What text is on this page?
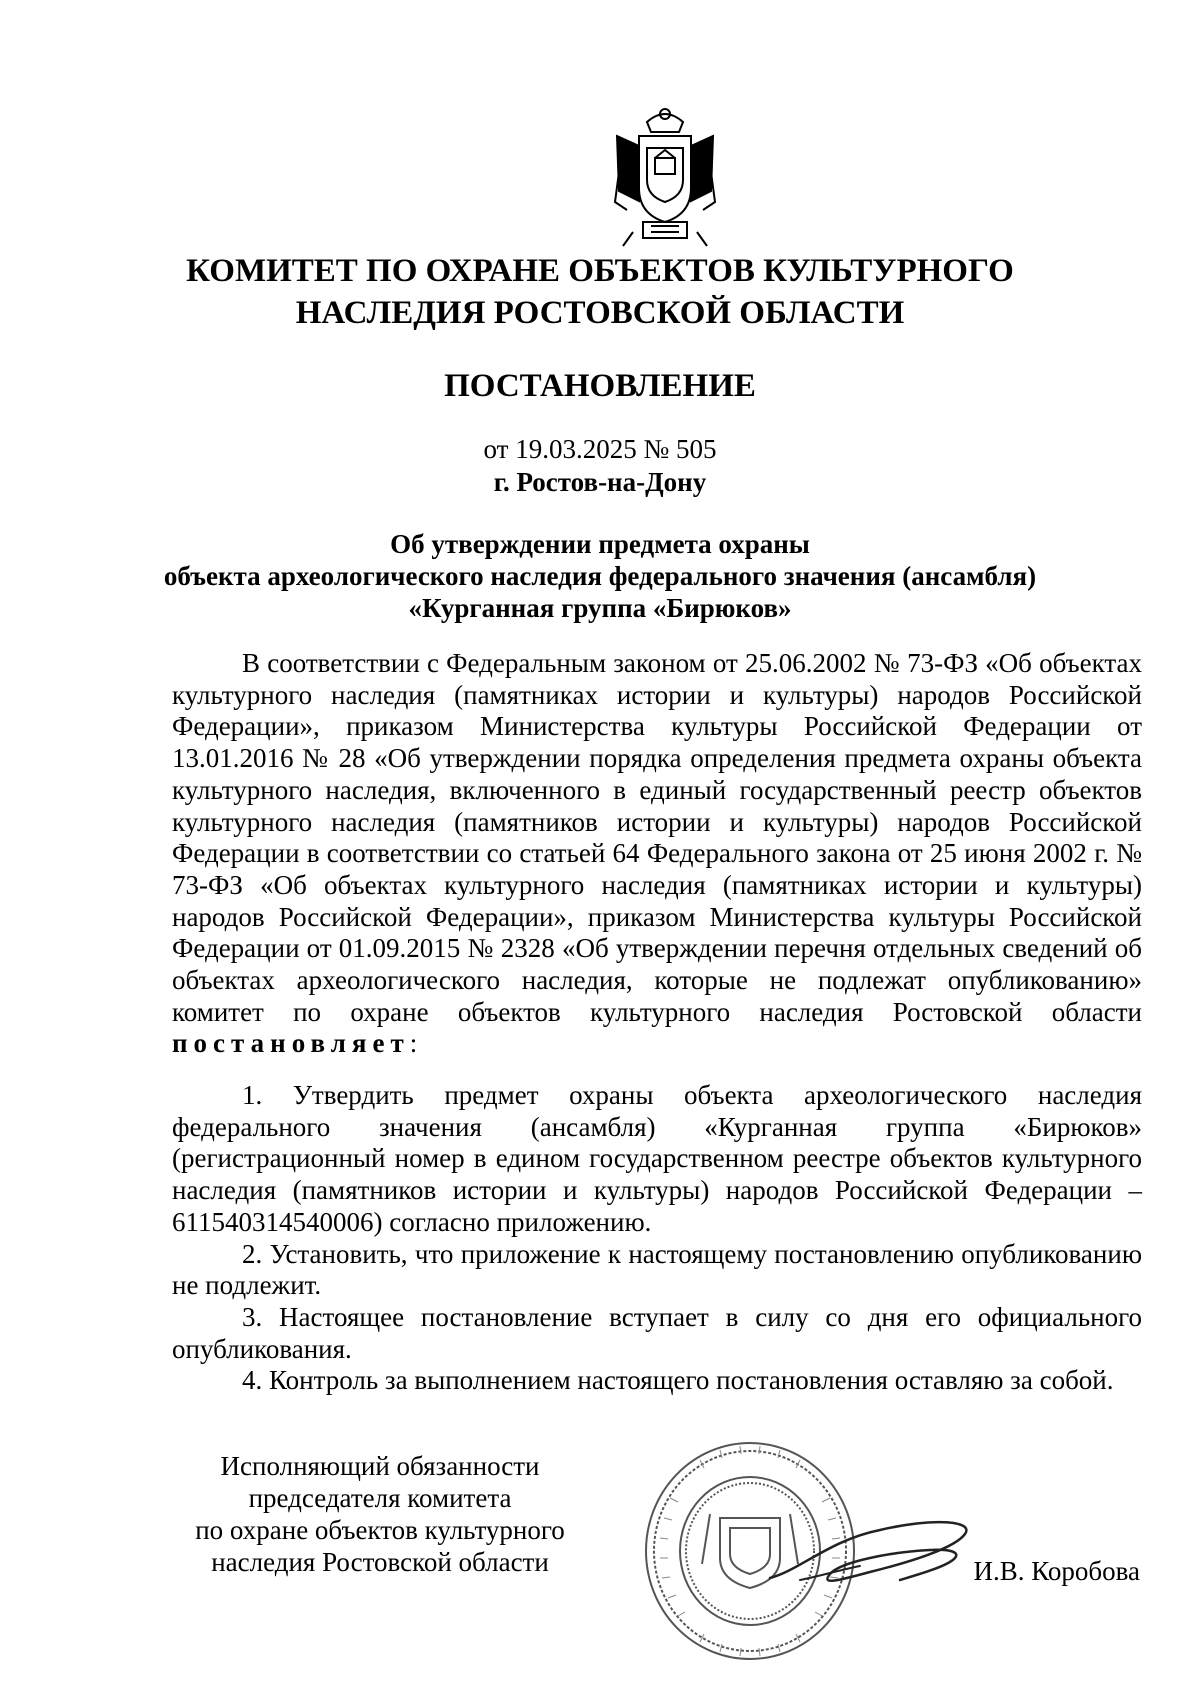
КОМИТЕТ ПО ОХРАНЕ ОБЪЕКТОВ КУЛЬТУРНОГО
НАСЛЕДИЯ РОСТОВСКОЙ ОБЛАСТИ
ПОСТАНОВЛЕНИЕ
от 19.03.2025 № 505
г. Ростов-на-Дону
Об утверждении предмета охраны
объекта археологического наследия федерального значения (ансамбля)
«Курганная группа «Бирюков»

В соответствии с Федеральным законом от 25.06.2002 № 73-ФЗ «Об объектах культурного наследия (памятниках истории и культуры) народов Российской Федерации», приказом Министерства культуры Российской Федерации от 13.01.2016 № 28 «Об утверждении порядка определения предмета охраны объекта культурного наследия, включенного в единый государственный реестр объектов культурного наследия (памятников истории и культуры) народов Российской Федерации в соответствии со статьей 64 Федерального закона от 25 июня 2002 г. № 73-ФЗ «Об объектах культурного наследия (памятниках истории и культуры) народов Российской Федерации», приказом Министерства культуры Российской Федерации от 01.09.2015 № 2328 «Об утверждении перечня отдельных сведений об объектах археологического наследия, которые не подлежат опубликованию» комитет по охране объектов культурного наследия Ростовской области постановляет:

1. Утвердить предмет охраны объекта археологического наследия федерального значения (ансамбля) «Курганная группа «Бирюков» (регистрационный номер в едином государственном реестре объектов культурного наследия (памятников истории и культуры) народов Российской Федерации – 611540314540006) согласно приложению.

2. Установить, что приложение к настоящему постановлению опубликованию не подлежит.

3. Настоящее постановление вступает в силу со дня его официального опубликования.

4. Контроль за выполнением настоящего постановления оставляю за собой.

Исполняющий обязанности
председателя комитета
по охране объектов культурного
наследия Ростовской области	И.В. Коробова
